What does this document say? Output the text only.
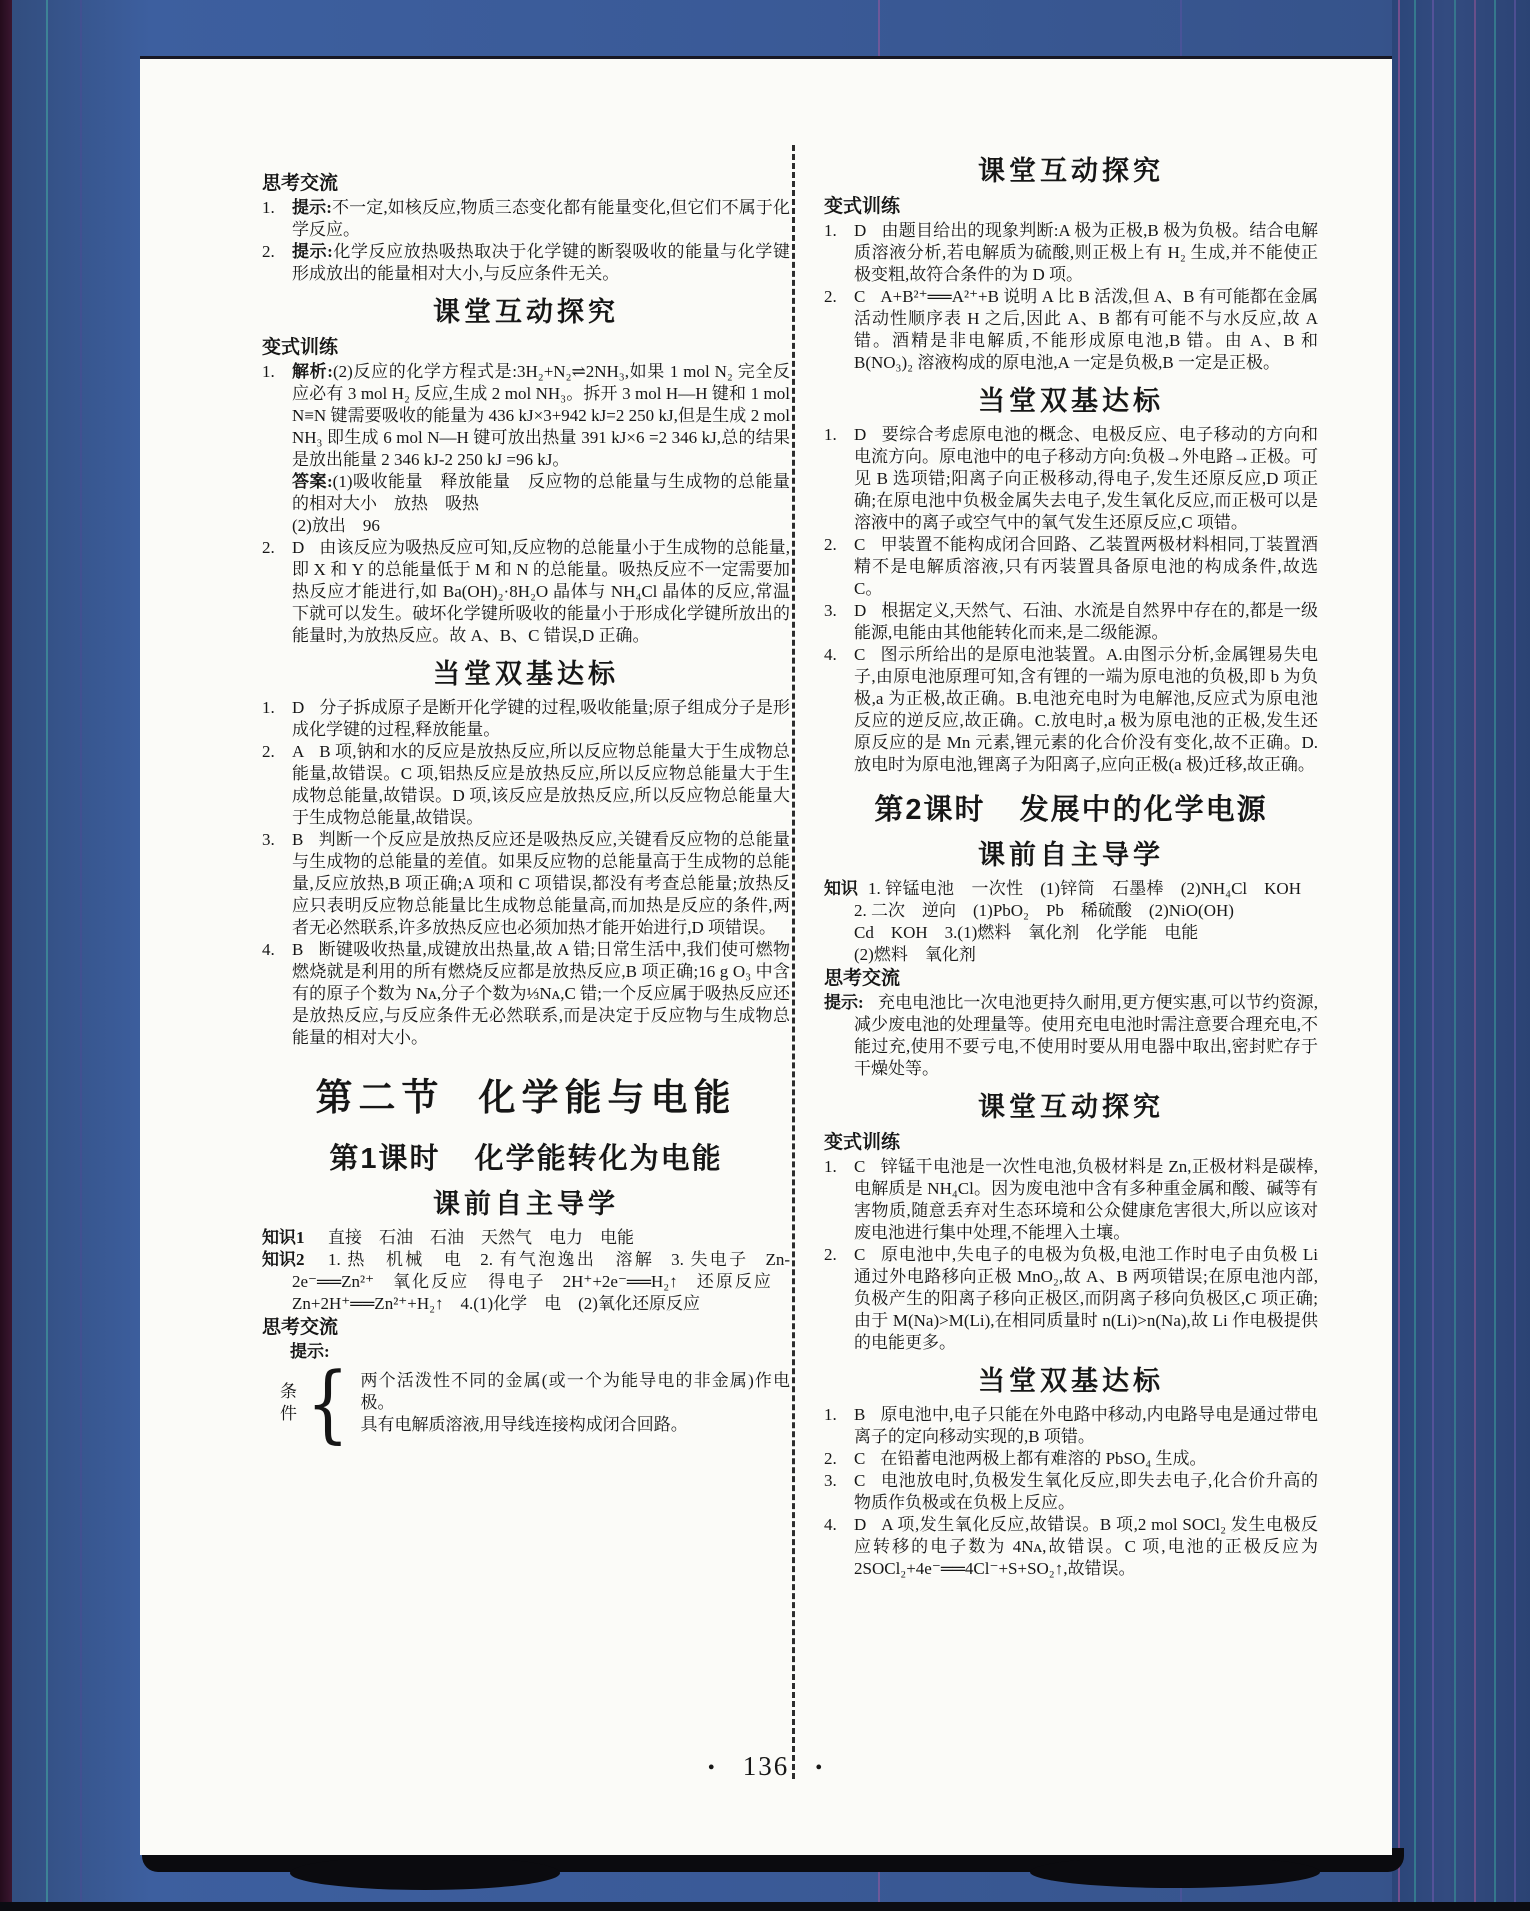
思考交流
1. 提示:不一定,如核反应,物质三态变化都有能量变化,但它们不属于化学反应。
2. 提示:化学反应放热吸热取决于化学键的断裂吸收的能量与化学键形成放出的能量相对大小,与反应条件无关。
课堂互动探究
变式训练
1. 解析:(2)反应的化学方程式是:3H₂+N₂⇌2NH₃,如果 1 mol N₂ 完全反应必有 3 mol H₂ 反应,生成 2 mol NH₃。拆开 3 mol H—H 键和 1 mol N≡N 键需要吸收的能量为 436 kJ×3+942 kJ=2 250 kJ,但是生成 2 mol NH₃ 即生成 6 mol N—H 键可放出热量 391 kJ×6 =2 346 kJ,总的结果是放出能量 2 346 kJ-2 250 kJ =96 kJ。
答案:(1)吸收能量 释放能量 反应物的总能量与生成物的总能量的相对大小 放热 吸热
(2)放出 96
2. D 由该反应为吸热反应可知,反应物的总能量小于生成物的总能量,即 X 和 Y 的总能量低于 M 和 N 的总能量。吸热反应不一定需要加热反应才能进行,如 Ba(OH)₂·8H₂O 晶体与 NH₄Cl 晶体的反应,常温下就可以发生。破坏化学键所吸收的能量小于形成化学键所放出的能量时,为放热反应。故 A、B、C 错误,D 正确。
当堂双基达标
1. D 分子拆成原子是断开化学键的过程,吸收能量;原子组成分子是形成化学键的过程,释放能量。
2. A B 项,钠和水的反应是放热反应,所以反应物总能量大于生成物总能量,故错误。C 项,铝热反应是放热反应,所以反应物总能量大于生成物总能量,故错误。D 项,该反应是放热反应,所以反应物总能量大于生成物总能量,故错误。
3. B 判断一个反应是放热反应还是吸热反应,关键看反应物的总能量与生成物的总能量的差值。如果反应物的总能量高于生成物的总能量,反应放热,B 项正确;A 项和 C 项错误,都没有考查总能量;放热反应只表明反应物总能量比生成物总能量高,而加热是反应的条件,两者无必然联系,许多放热反应也必须加热才能开始进行,D 项错误。
4. B 断键吸收热量,成键放出热量,故 A 错;日常生活中,我们使可燃物燃烧就是利用的所有燃烧反应都是放热反应,B 项正确;16 g O₃ 中含有的原子个数为 Nᴀ,分子个数为⅓Nᴀ,C 错;一个反应属于吸热反应还是放热反应,与反应条件无必然联系,而是决定于反应物与生成物总能量的相对大小。
第二节 化学能与电能
第1课时 化学能转化为电能
课前自主导学
知识1	直接 石油 石油 天然气 电力 电能
知识2 1. 热 机械 电 2. 有气泡逸出 溶解 3. 失电子 Zn-2e⁻══Zn²⁺ 氧化反应 得电子 2H⁺+2e⁻══H₂↑ 还原反应 Zn+2H⁺══Zn²⁺+H₂↑ 4.(1)化学 电 (2)氧化还原反应
思考交流
提示:
条
件 { 两个活泼性不同的金属(或一个为能导电的非金属)作电极。
具有电解质溶液,用导线连接构成闭合回路。
课堂互动探究
变式训练
1. D 由题目给出的现象判断:A 极为正极,B 极为负极。结合电解质溶液分析,若电解质为硫酸,则正极上有 H₂ 生成,并不能使正极变粗,故符合条件的为 D 项。
2. C A+B²⁺══A²⁺+B 说明 A 比 B 活泼,但 A、B 有可能都在金属活动性顺序表 H 之后,因此 A、B 都有可能不与水反应,故 A 错。酒精是非电解质,不能形成原电池,B 错。由 A、B 和 B(NO₃)₂ 溶液构成的原电池,A 一定是负极,B 一定是正极。
当堂双基达标
1. D 要综合考虑原电池的概念、电极反应、电子移动的方向和电流方向。原电池中的电子移动方向:负极→外电路→正极。可见 B 选项错;阳离子向正极移动,得电子,发生还原反应,D 项正确;在原电池中负极金属失去电子,发生氧化反应,而正极可以是溶液中的离子或空气中的氧气发生还原反应,C 项错。
2. C 甲装置不能构成闭合回路、乙装置两极材料相同,丁装置酒精不是电解质溶液,只有丙装置具备原电池的构成条件,故选 C。
3. D 根据定义,天然气、石油、水流是自然界中存在的,都是一级能源,电能由其他能转化而来,是二级能源。
4. C 图示所给出的是原电池装置。A.由图示分析,金属锂易失电子,由原电池原理可知,含有锂的一端为原电池的负极,即 b 为负极,a 为正极,故正确。B.电池充电时为电解池,反应式为原电池反应的逆反应,故正确。C.放电时,a 极为原电池的正极,发生还原反应的是 Mn 元素,锂元素的化合价没有变化,故不正确。D.放电时为原电池,锂离子为阳离子,应向正极(a 极)迁移,故正确。
第2课时 发展中的化学电源
课前自主导学
知识 1. 锌锰电池 一次性 (1)锌筒 石墨棒 (2)NH₄Cl KOH 2. 二次 逆向 (1)PbO₂ Pb 稀硫酸 (2)NiO(OH)
Cd KOH 3.(1)燃料 氧化剂 化学能 电能
(2)燃料 氧化剂
思考交流
提示: 充电电池比一次电池更持久耐用,更方便实惠,可以节约资源,减少废电池的处理量等。使用充电电池时需注意要合理充电,不能过充,使用不要亏电,不使用时要从用电器中取出,密封贮存于干燥处等。
课堂互动探究
变式训练
1. C 锌锰干电池是一次性电池,负极材料是 Zn,正极材料是碳棒,电解质是 NH₄Cl。因为废电池中含有多种重金属和酸、碱等有害物质,随意丢弃对生态环境和公众健康危害很大,所以应该对废电池进行集中处理,不能埋入土壤。
2. C 原电池中,失电子的电极为负极,电池工作时电子由负极 Li 通过外电路移向正极 MnO₂,故 A、B 两项错误;在原电池内部,负极产生的阳离子移向正极区,而阴离子移向负极区,C 项正确;由于 M(Na)>M(Li),在相同质量时 n(Li)>n(Na),故 Li 作电极提供的电能更多。
当堂双基达标
1. B 原电池中,电子只能在外电路中移动,内电路导电是通过带电离子的定向移动实现的,B 项错。
2. C 在铅蓄电池两极上都有难溶的 PbSO₄ 生成。
3. C 电池放电时,负极发生氧化反应,即失去电子,化合价升高的物质作负极或在负极上反应。
4. D A 项,发生氧化反应,故错误。B 项,2 mol SOCl₂ 发生电极反应转移的电子数为 4Nᴀ,故错误。C 项,电池的正极反应为 2SOCl₂+4e⁻══4Cl⁻+S+SO₂↑,故错误。
• 136 •
